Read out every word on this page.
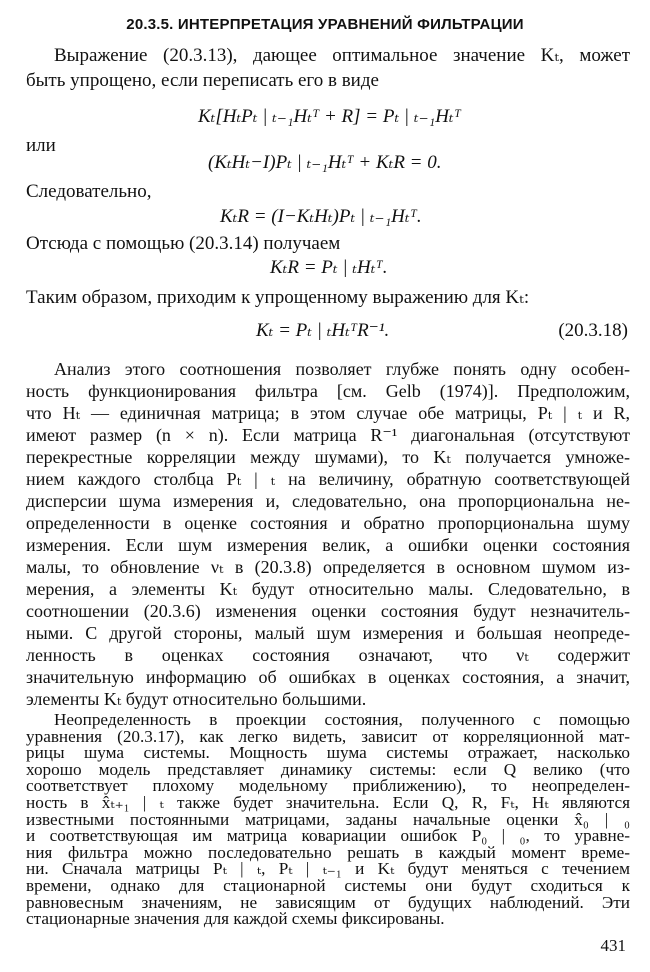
20.3.5. ИНТЕРПРЕТАЦИЯ УРАВНЕНИЙ ФИЛЬТРАЦИИ
Выражение (20.3.13), дающее оптимальное значение Kₜ, может
быть упрощено, если переписать его в виде
Kₜ[HₜPₜ | ₜ₋₁Hₜᵀ + R] = Pₜ | ₜ₋₁Hₜᵀ
или
(KₜHₜ−I)Pₜ | ₜ₋₁Hₜᵀ + KₜR = 0.
Следовательно,
KₜR = (I−KₜHₜ)Pₜ | ₜ₋₁Hₜᵀ.
Отсюда с помощью (20.3.14) получаем
KₜR = Pₜ | ₜHₜᵀ.
Таким образом, приходим к упрощенному выражению для Kₜ:
Kₜ = Pₜ | ₜHₜᵀR⁻¹.	(20.3.18)
Анализ этого соотношения позволяет глубже понять одну особен-
ность функционирования фильтра [см. Gelb (1974)]. Предположим,
что Hₜ — единичная матрица; в этом случае обе матрицы, Pₜ | ₜ и R,
имеют размер (n × n). Если матрица R⁻¹ диагональная (отсутствуют
перекрестные корреляции между шумами), то Kₜ получается умноже-
нием каждого столбца Pₜ | ₜ на величину, обратную соответствующей
дисперсии шума измерения и, следовательно, она пропорциональна не-
определенности в оценке состояния и обратно пропорциональна шуму
измерения. Если шум измерения велик, а ошибки оценки состояния
малы, то обновление νₜ в (20.3.8) определяется в основном шумом из-
мерения, а элементы Kₜ будут относительно малы. Следовательно, в
соотношении (20.3.6) изменения оценки состояния будут незначитель-
ными. С другой стороны, малый шум измерения и большая неопреде-
ленность в оценках состояния означают, что νₜ содержит
значительную информацию об ошибках в оценках состояния, а значит,
элементы Kₜ будут относительно большими.
Неопределенность в проекции состояния, полученного с помощью
уравнения (20.3.17), как легко видеть, зависит от корреляционной мат-
рицы шума системы. Мощность шума системы отражает, насколько
хорошо модель представляет динамику системы: если Q велико (что
соответствует плохому модельному приближению), то неопределен-
ность в x̂ₜ₊₁ | ₜ также будет значительна. Если Q, R, Fₜ, Hₜ являются
известными постоянными матрицами, заданы начальные оценки x̂₀ | ₀
и соответствующая им матрица ковариации ошибок P₀ | ₀, то уравне-
ния фильтра можно последовательно решать в каждый момент време-
ни. Сначала матрицы Pₜ | ₜ, Pₜ | ₜ₋₁ и Kₜ будут меняться с течением
времени, однако для стационарной системы они будут сходиться к
равновесным значениям, не зависящим от будущих наблюдений. Эти
стационарные значения для каждой схемы фиксированы.
431
